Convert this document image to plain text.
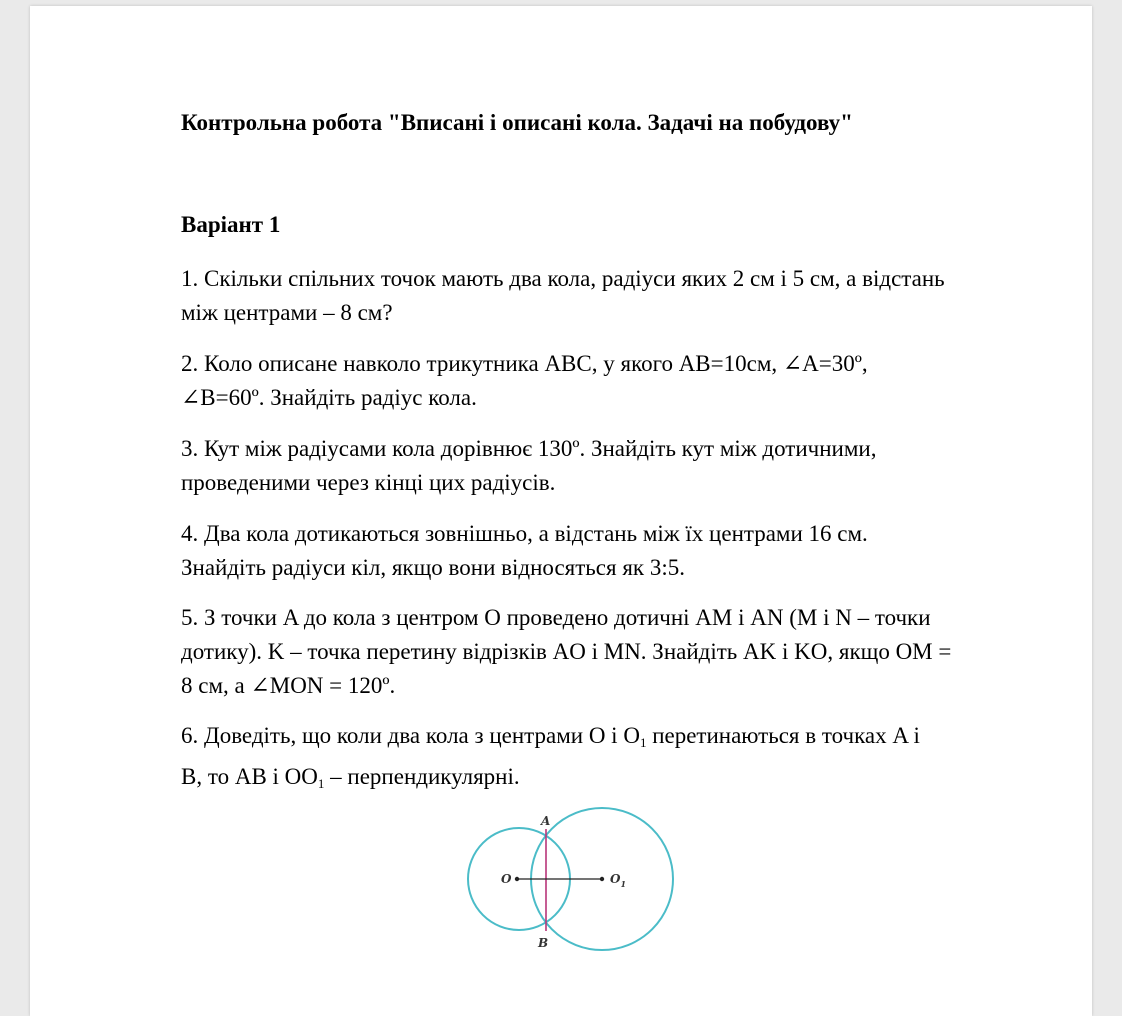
Контрольна робота "Вписані і описані кола. Задачі на побудову"
Варіант 1
1. Скільки спільних точок мають два кола, радіуси яких 2 см і 5 см, а відстань
між центрами – 8 см?
2. Коло описане навколо трикутника ABC, у якого AB=10см, ∠A=30º,
∠B=60º. Знайдіть радіус кола.
3. Кут між радіусами кола дорівнює 130º. Знайдіть кут між дотичними,
проведеними через кінці цих радіусів.
4. Два кола дотикаються зовнішньо, а відстань між їх центрами 16 см.
Знайдіть радіуси кіл, якщо вони відносяться як 3:5.
5. З точки A до кола з центром O проведено дотичні AM і AN (M і N – точки
дотику). K – точка перетину відрізків AO і MN. Знайдіть AK і KO, якщо OM =
8 см, а ∠MON = 120º.
6. Доведіть, що коли два кола з центрами O і $O_1$ перетинаються в точках A і
B, то AB і $OO_1$ – перпендикулярні.
A
B
O	$O_1$
